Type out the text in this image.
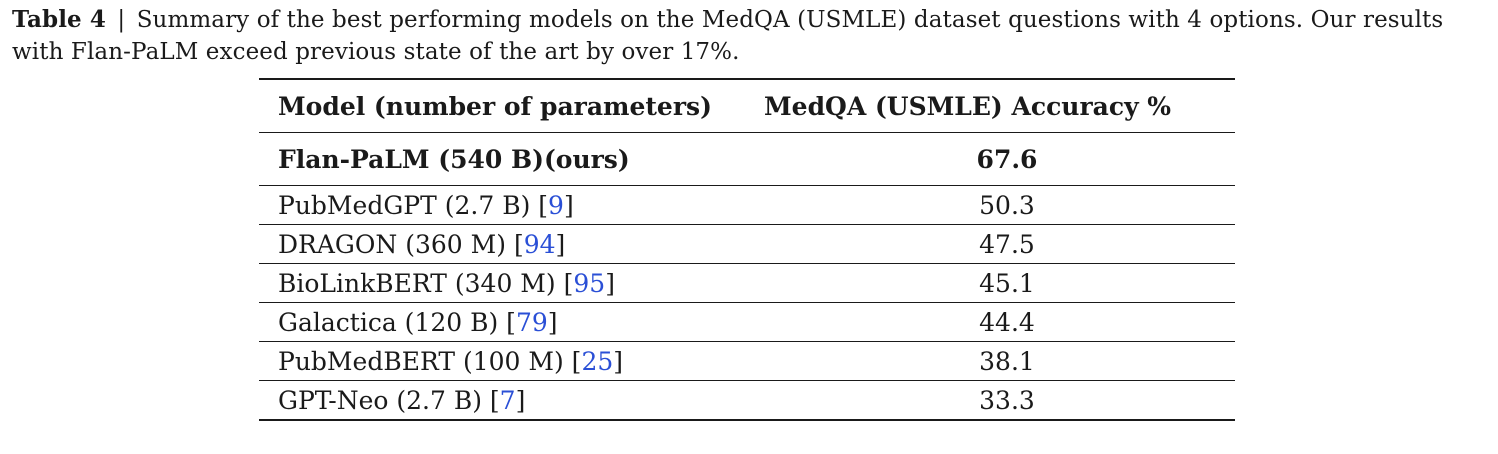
Table 4 | Summary of the best performing models on the MedQA (USMLE) dataset questions with 4 options. Our results with Flan-PaLM exceed previous state of the art by over 17%.
Model (number of parameters)	MedQA (USMLE) Accuracy %
Flan-PaLM (540 B)(ours)	67.6
PubMedGPT (2.7 B) [9]	50.3
DRAGON (360 M) [94]	47.5
BioLinkBERT (340 M) [95]	45.1
Galactica (120 B) [79]	44.4
PubMedBERT (100 M) [25]	38.1
GPT-Neo (2.7 B) [7]	33.3
